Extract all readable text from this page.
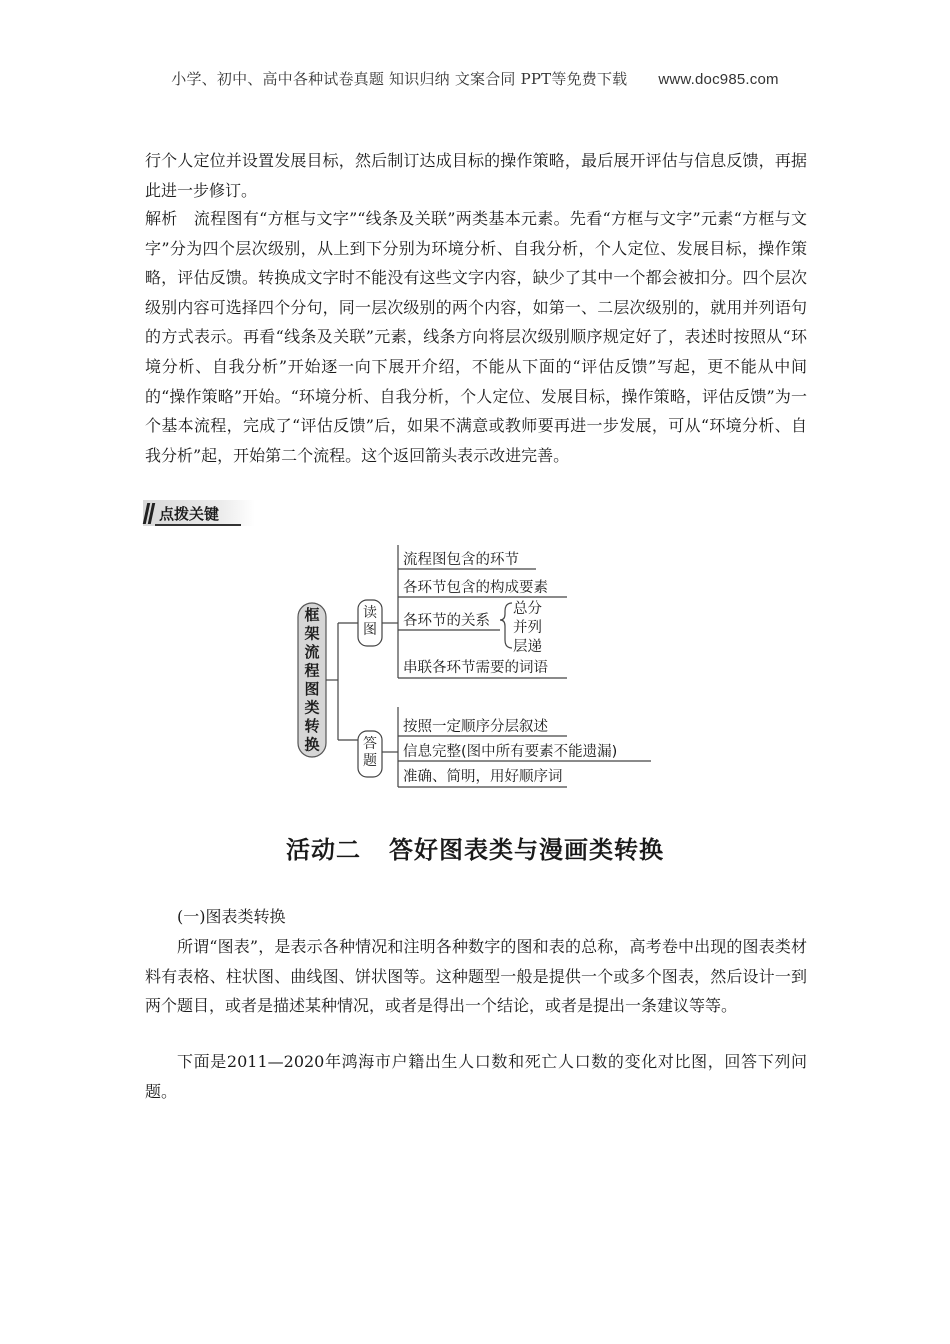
小学、初中、高中各种试卷真题 知识归纳 文案合同 PPT等免费下载 www.doc985.com

行个人定位并设置发展目标，然后制订达成目标的操作策略，最后展开评估与信息反馈，再据此进一步修订。

解析　流程图有“方框与文字”“线条及关联”两类基本元素。先看“方框与文字”元素“方框与文字”分为四个层次级别，从上到下分别为环境分析、自我分析，个人定位、发展目标，操作策略，评估反馈。转换成文字时不能没有这些文字内容，缺少了其中一个都会被扣分。四个层次级别内容可选择四个分句，同一层次级别的两个内容，如第一、二层次级别的，就用并列语句的方式表示。再看“线条及关联”元素，线条方向将层次级别顺序规定好了，表述时按照从“环境分析、自我分析”开始逐一向下展开介绍，不能从下面的“评估反馈”写起，更不能从中间的“操作策略”开始。“环境分析、自我分析，个人定位、发展目标，操作策略，评估反馈”为一个基本流程，完成了“评估反馈”后，如果不满意或教师要再进一步发展，可从“环境分析、自我分析”起，开始第二个流程。这个返回箭头表示改进完善。

点拨关键
框架流程图类转换
读图
流程图包含的环节
各环节包含的构成要素
各环节的关系
串联各环节需要的词语
总分
并列
层递
答题
按照一定顺序分层叙述
信息完整(图中所有要素不能遗漏)
准确、简明，用好顺序词
活动二 答好图表类与漫画类转换

(一)图表类转换

所谓“图表”，是表示各种情况和注明各种数字的图和表的总称，高考卷中出现的图表类材料有表格、柱状图、曲线图、饼状图等。这种题型一般是提供一个或多个图表，然后设计一到两个题目，或者是描述某种情况，或者是得出一个结论，或者是提出一条建议等等。

下面是2011—2020年鸿海市户籍出生人口数和死亡人口数的变化对比图，回答下列问题。
